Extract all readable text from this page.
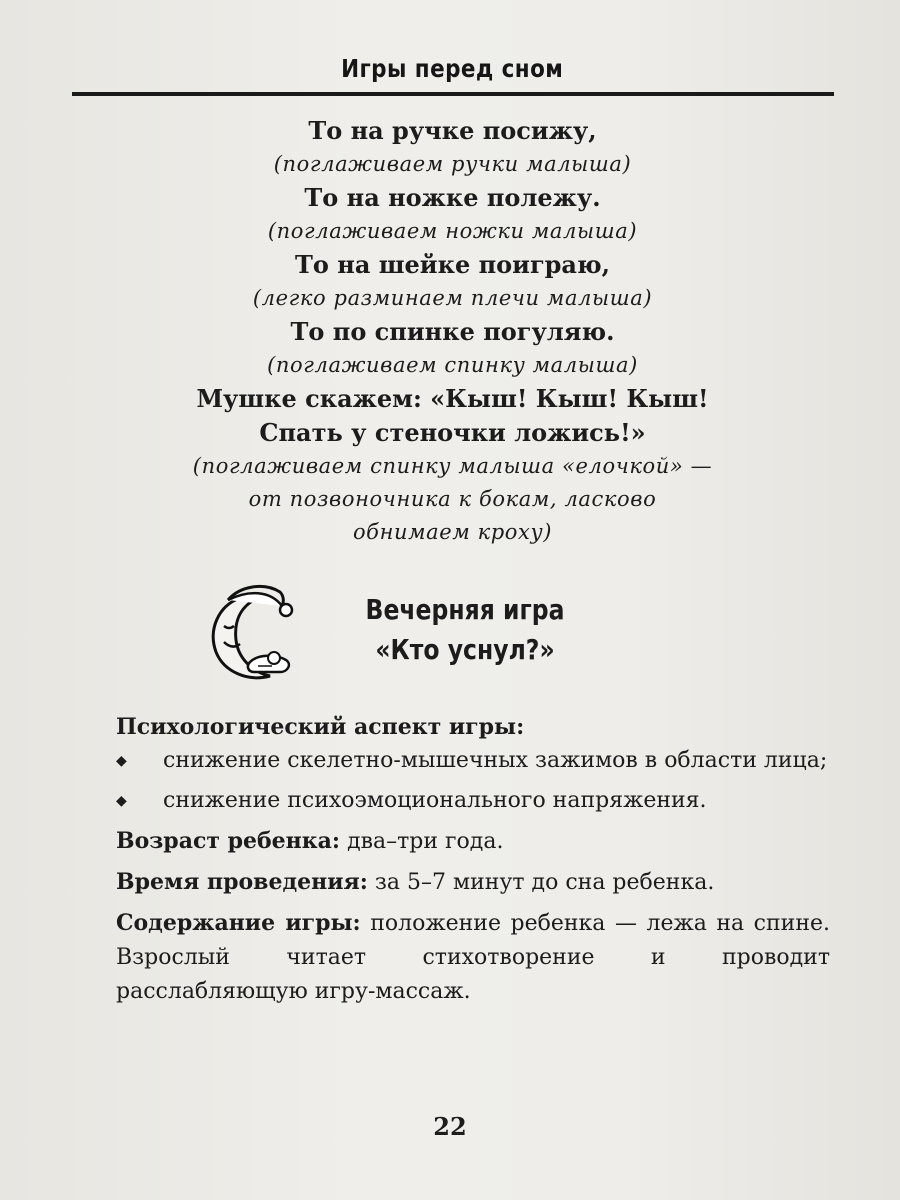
Игры перед сном
То на ручке посижу,
(поглаживаем ручки малыша)
То на ножке полежу.
(поглаживаем ножки малыша)
То на шейке поиграю,
(легко разминаем плечи малыша)
То по спинке погуляю.
(поглаживаем спинку малыша)
Мушке скажем: «Кыш! Кыш! Кыш!
Спать у стеночки ложись!»
(поглаживаем спинку малыша «елочкой» —
от позвоночника к бокам, ласково
обнимаем кроху)
Вечерняя игра
«Кто уснул?»
Психологический аспект игры:
◆ снижение скелетно-мышечных зажимов в области лица;
◆ снижение психоэмоционального напряжения.
Возраст ребенка: два–три года.
Время проведения: за 5–7 минут до сна ребенка.
Содержание игры: положение ребенка — лежа на спине. Взрослый читает стихотворение и проводит расслабляющую игру-массаж.
22
